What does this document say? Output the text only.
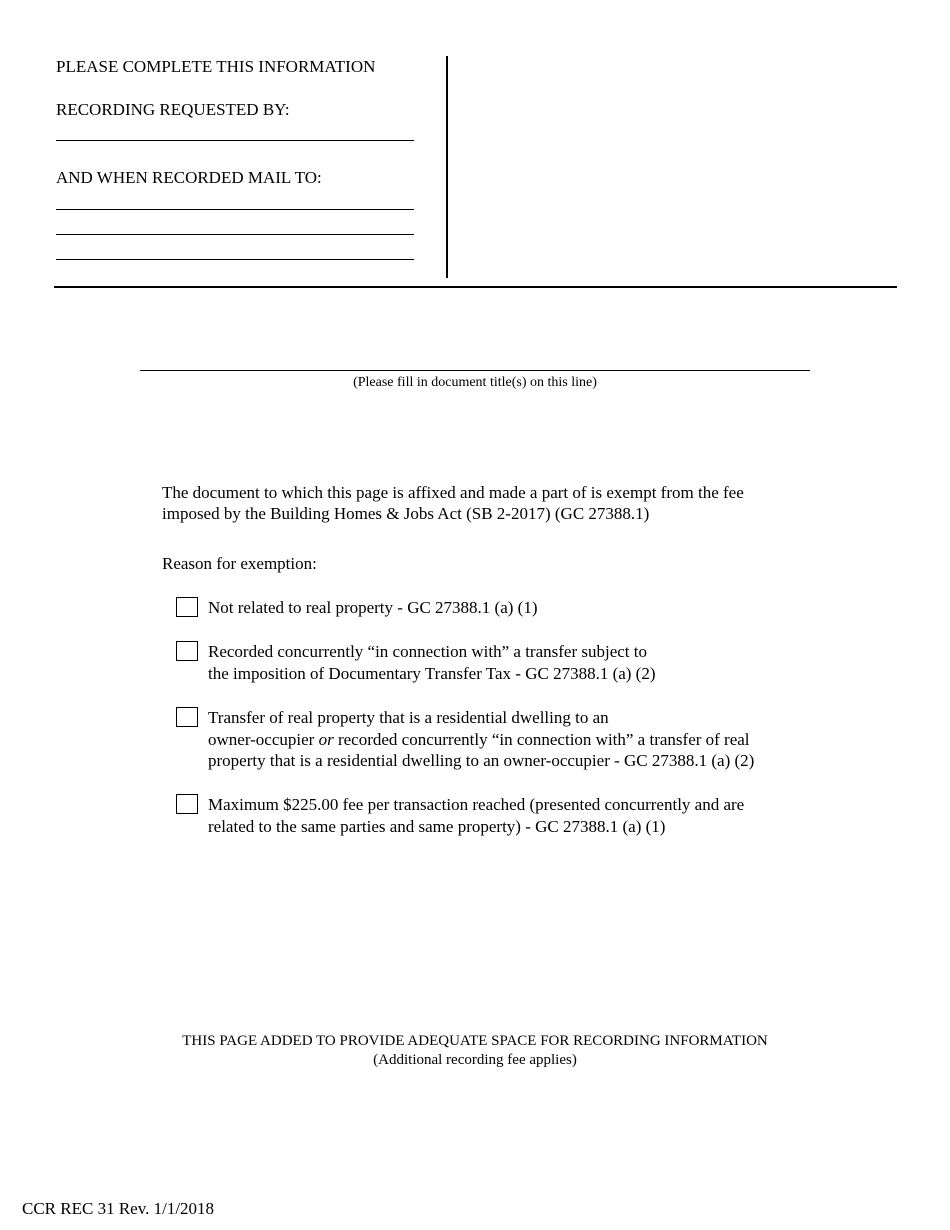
PLEASE COMPLETE THIS INFORMATION
RECORDING REQUESTED BY:
AND WHEN RECORDED MAIL TO:
(Please fill in document title(s) on this line)
The document to which this page is affixed and made a part of is exempt from the fee
imposed by the Building Homes & Jobs Act (SB 2-2017) (GC 27388.1)
Reason for exemption:
Not related to real property - GC 27388.1 (a) (1)
Recorded concurrently “in connection with” a transfer subject to
the imposition of Documentary Transfer Tax - GC 27388.1 (a) (2)
Transfer of real property that is a residential dwelling to an
owner-occupier or recorded concurrently “in connection with” a transfer of real
property that is a residential dwelling to an owner-occupier - GC 27388.1 (a) (2)
Maximum $225.00 fee per transaction reached (presented concurrently and are
related to the same parties and same property) - GC 27388.1 (a) (1)
THIS PAGE ADDED TO PROVIDE ADEQUATE SPACE FOR RECORDING INFORMATION
(Additional recording fee applies)
CCR REC 31 Rev. 1/1/2018
